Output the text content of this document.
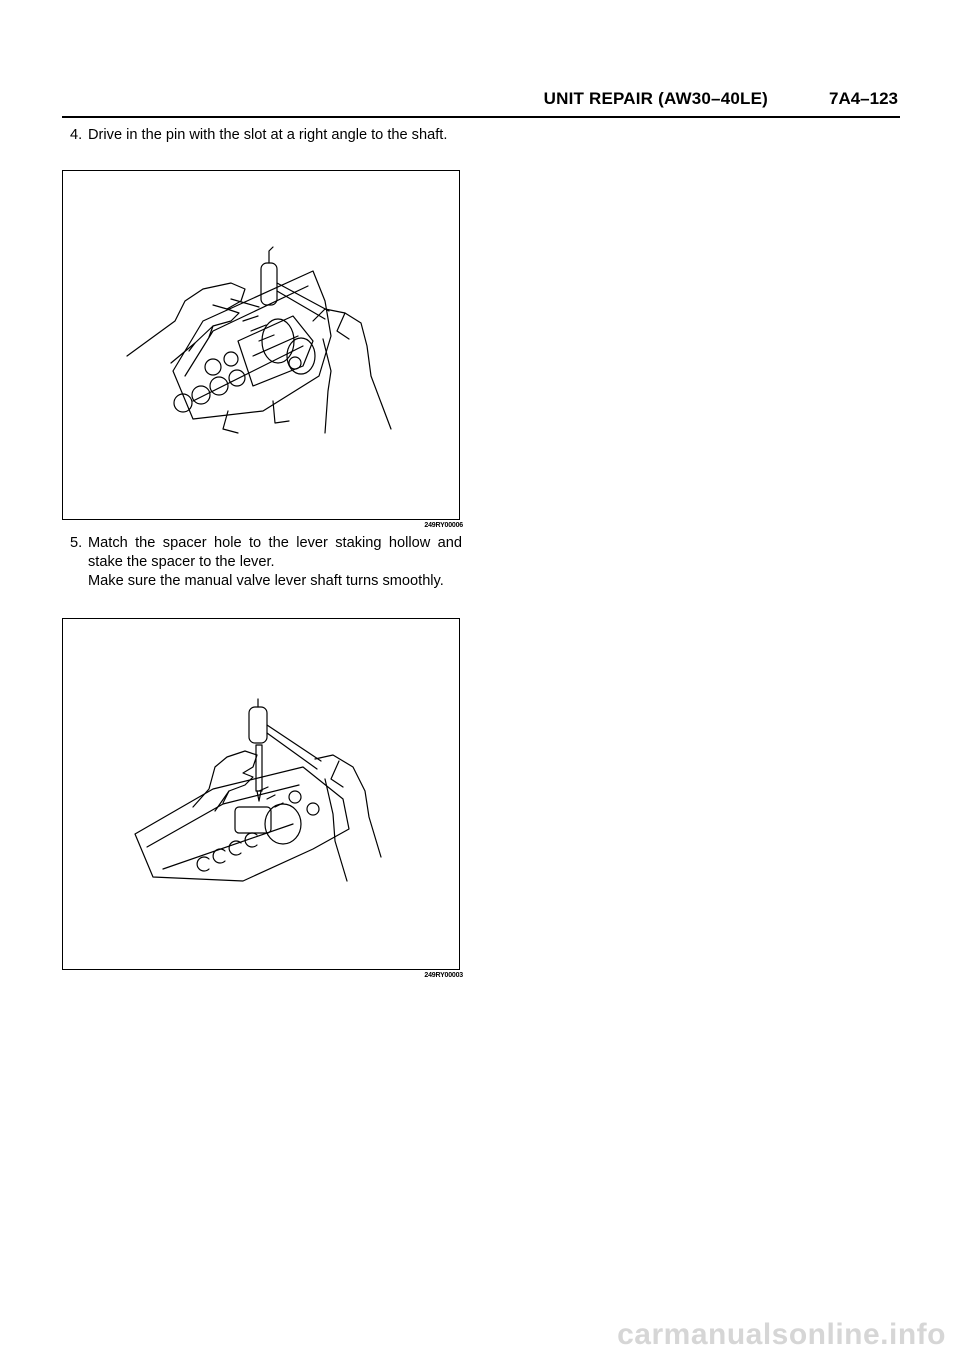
UNIT REPAIR (AW30–40LE)	7A4–123
4. Drive in the pin with the slot at a right angle to the shaft.

249RY00006
5. Match the spacer hole to the lever staking hollow and stake the spacer to the lever.

Make sure the manual valve lever shaft turns smoothly.

249RY00003
carmanualsonline.info
